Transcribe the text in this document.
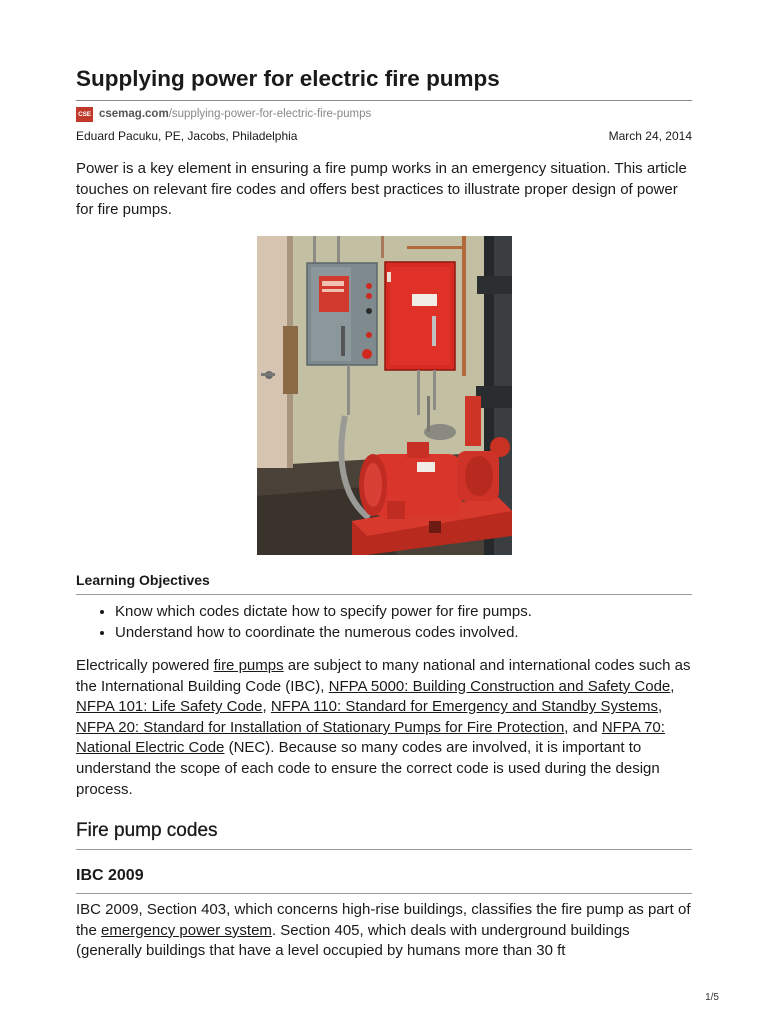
Supplying power for electric fire pumps
CSE csemag.com /supplying-power-for-electric-fire-pumps
Eduard Pacuku, PE, Jacobs, Philadelphia	March 24, 2014

Power is a key element in ensuring a fire pump works in an emergency situation. This article touches on relevant fire codes and offers best practices to illustrate proper design of power for fire pumps.

Learning Objectives
• Know which codes dictate how to specify power for fire pumps.
• Understand how to coordinate the numerous codes involved.

Electrically powered fire pumps are subject to many national and international codes such as the International Building Code (IBC), NFPA 5000: Building Construction and Safety Code, NFPA 101: Life Safety Code, NFPA 110: Standard for Emergency and Standby Systems, NFPA 20: Standard for Installation of Stationary Pumps for Fire Protection, and NFPA 70: National Electric Code (NEC). Because so many codes are involved, it is important to understand the scope of each code to ensure the correct code is used during the design process.

Fire pump codes
IBC 2009

IBC 2009, Section 403, which concerns high-rise buildings, classifies the fire pump as part of the emergency power system. Section 405, which deals with underground buildings (generally buildings that have a level occupied by humans more than 30 ft

1/5
